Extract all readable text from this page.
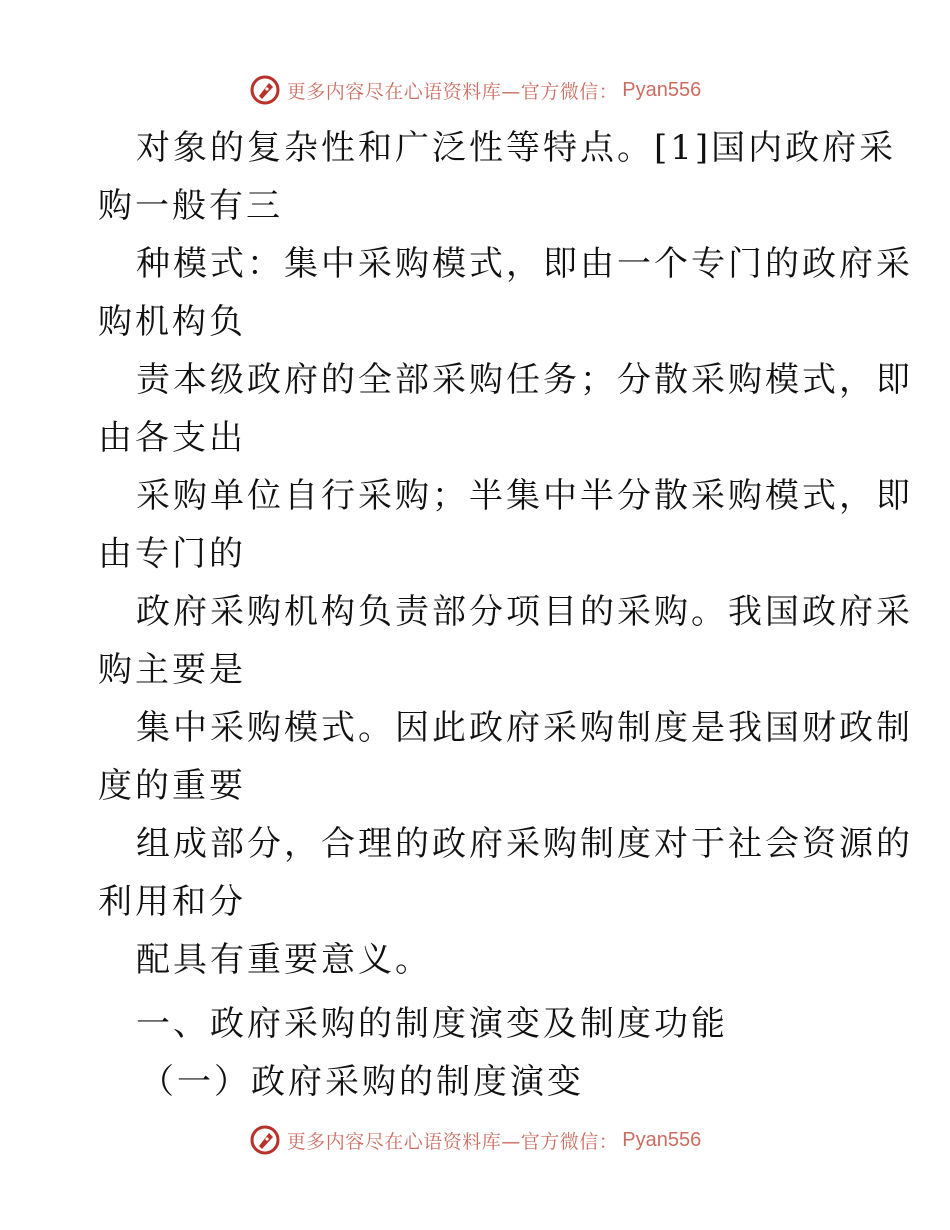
更多内容尽在心语资料库—官方微信： Pyan556
对象的复杂性和广泛性等特点。[1]国内政府采
购一般有三
种模式：集中采购模式，即由一个专门的政府采
购机构负
责本级政府的全部采购任务；分散采购模式，即
由各支出
采购单位自行采购；半集中半分散采购模式，即
由专门的
政府采购机构负责部分项目的采购。我国政府采
购主要是
集中采购模式。因此政府采购制度是我国财政制
度的重要
组成部分，合理的政府采购制度对于社会资源的
利用和分
配具有重要意义。
一、政府采购的制度演变及制度功能
（一）政府采购的制度演变
更多内容尽在心语资料库—官方微信： Pyan556
